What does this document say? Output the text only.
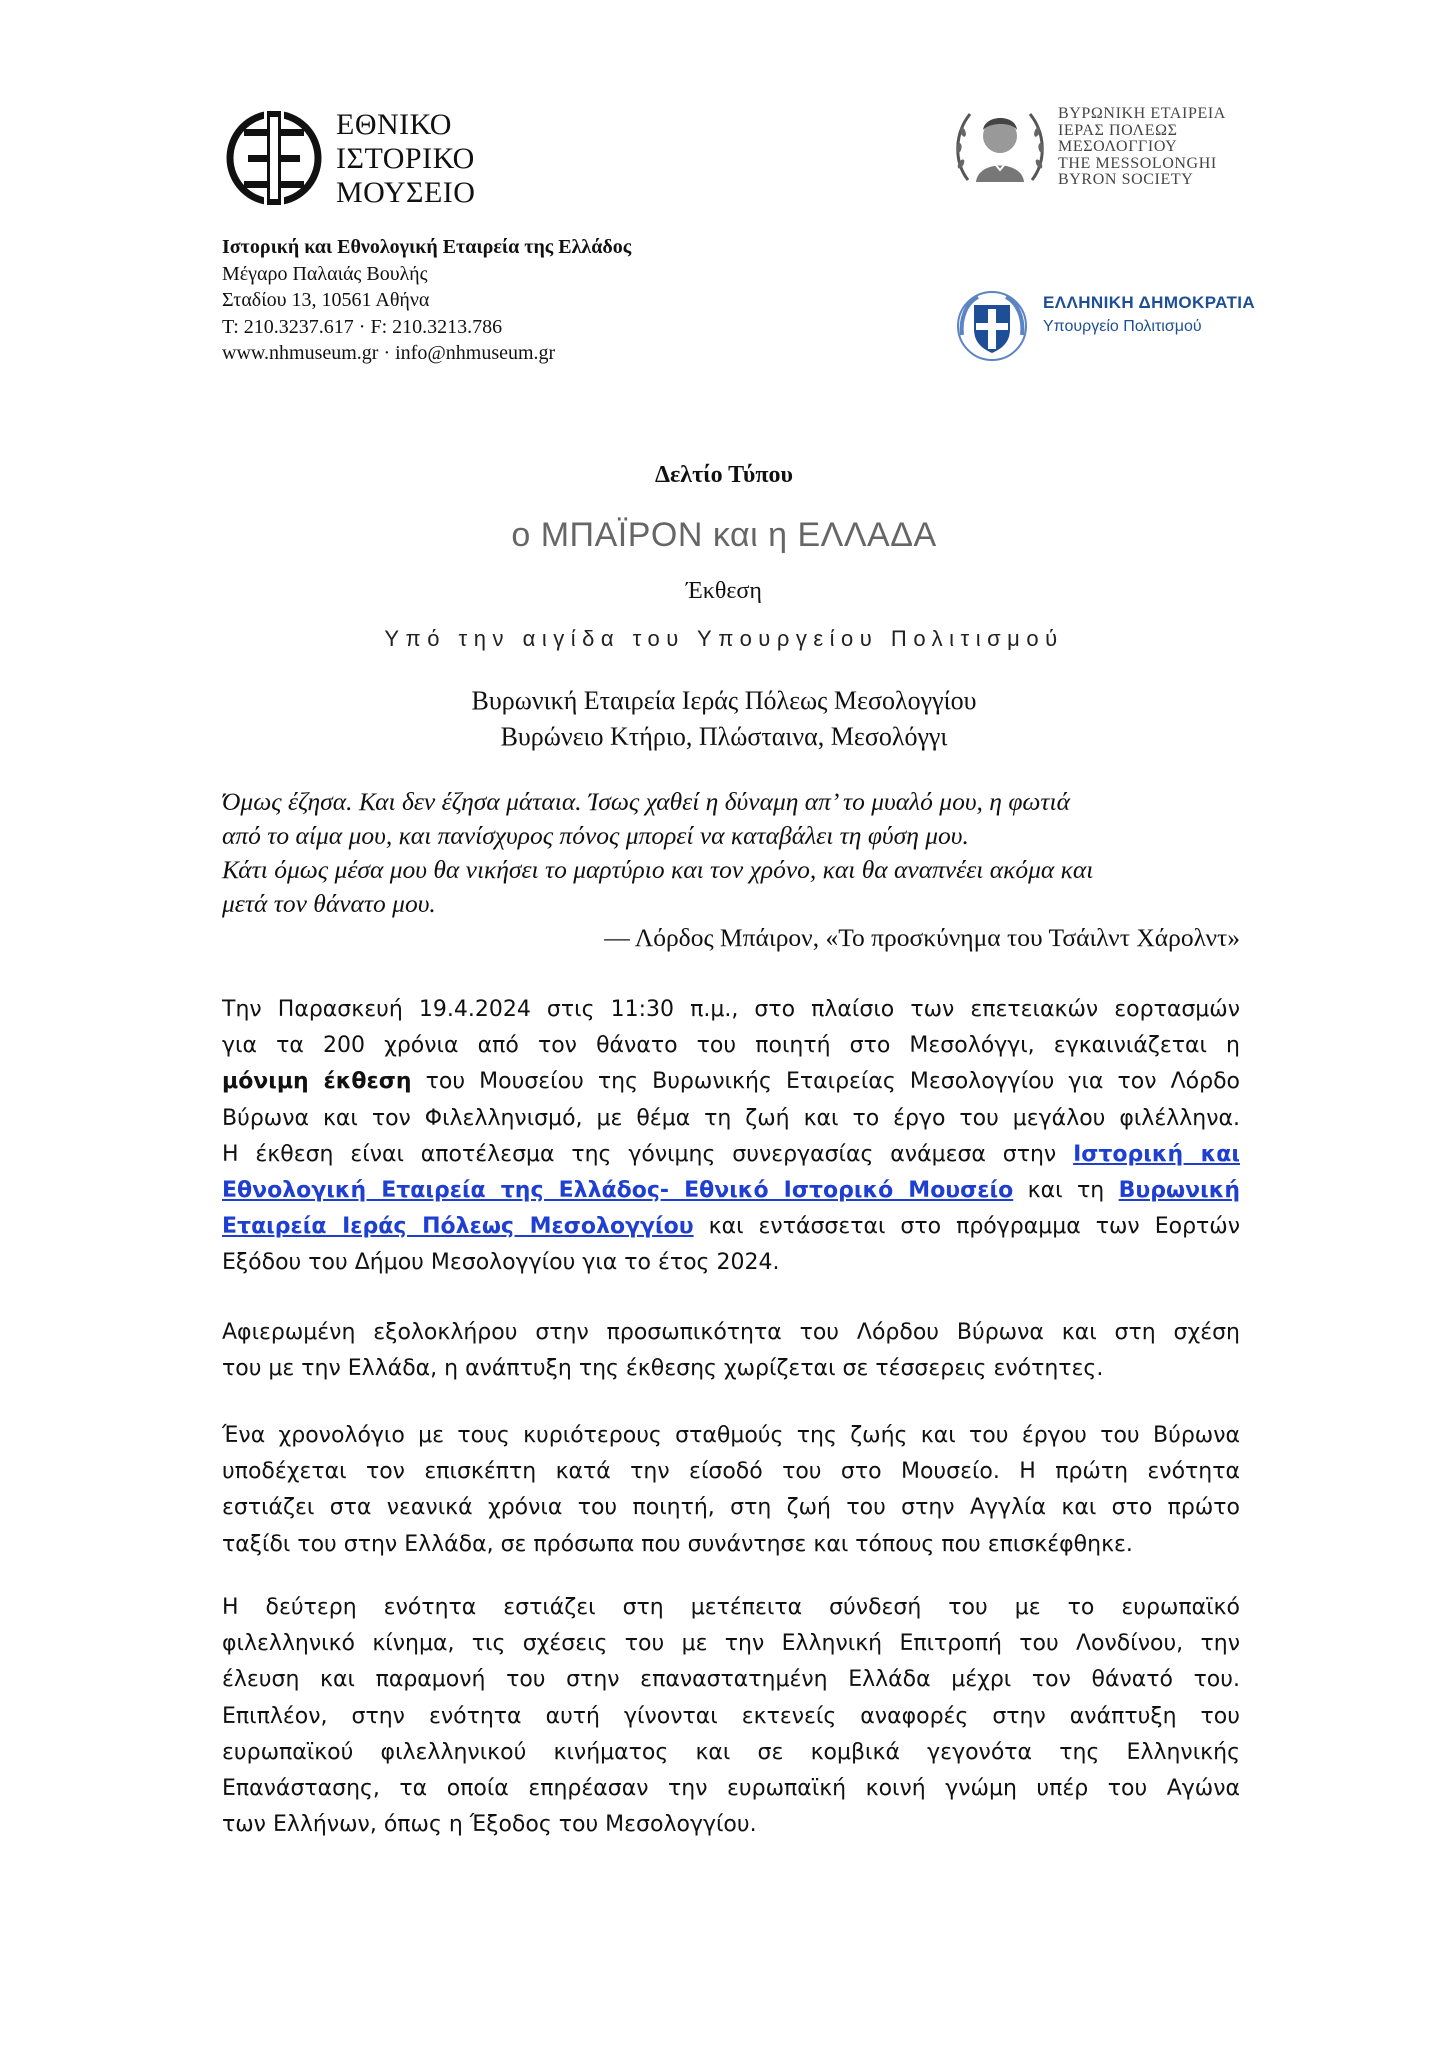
ΕΘΝΙΚΟ
ΙΣΤΟΡΙΚΟ
ΜΟΥΣΕΙΟ
Ιστορική και Εθνολογική Εταιρεία της Ελλάδος
Μέγαρο Παλαιάς Βουλής
Σταδίου 13, 10561 Αθήνα
Τ: 210.3237.617 · F: 210.3213.786
www.nhmuseum.gr · info@nhmuseum.gr
ΒΥΡΩΝΙΚΗ ΕΤΑΙΡΕΙΑ
ΙΕΡΑΣ ΠΟΛΕΩΣ
ΜΕΣΟΛΟΓΓΙΟΥ
THE MESSOLONGHI
BYRON SOCIETY
ΕΛΛΗΝΙΚΗ ΔΗΜΟΚΡΑΤΙΑ
Υπουργείο Πολιτισμού
Δελτίο Τύπου
ο ΜΠΑΪΡΟΝ και η ΕΛΛΑΔΑ
Έκθεση
Υπό την αιγίδα του Υπουργείου Πολιτισμού
Βυρωνική Εταιρεία Ιεράς Πόλεως Μεσολογγίου
Βυρώνειο Κτήριο, Πλώσταινα, Μεσολόγγι
Όμως έζησα. Και δεν έζησα μάταια. Ίσως χαθεί η δύναμη απ’ το μυαλό μου, η φωτιά
από το αίμα μου, και πανίσχυρος πόνος μπορεί να καταβάλει τη φύση μου.
Κάτι όμως μέσα μου θα νικήσει το μαρτύριο και τον χρόνο, και θα αναπνέει ακόμα και
μετά τον θάνατο μου.
― Λόρδος Μπάιρον, «Το προσκύνημα του Τσάιλντ Χάρολντ»
Την Παρασκευή 19.4.2024 στις 11:30 π.μ., στο πλαίσιο των επετειακών εορτασμών
για τα 200 χρόνια από τον θάνατο του ποιητή στο Μεσολόγγι, εγκαινιάζεται η
μόνιμη έκθεση του Μουσείου της Βυρωνικής Εταιρείας Μεσολογγίου για τον Λόρδο
Βύρωνα και τον Φιλελληνισμό, με θέμα τη ζωή και το έργο του μεγάλου φιλέλληνα.
Η έκθεση είναι αποτέλεσμα της γόνιμης συνεργασίας ανάμεσα στην Ιστορική και
Εθνολογική Εταιρεία της Ελλάδος- Εθνικό Ιστορικό Μουσείο και τη Βυρωνική
Εταιρεία Ιεράς Πόλεως Μεσολογγίου και εντάσσεται στο πρόγραμμα των Εορτών
Εξόδου του Δήμου Μεσολογγίου για το έτος 2024.
Αφιερωμένη εξολοκλήρου στην προσωπικότητα του Λόρδου Βύρωνα και στη σχέση
του με την Ελλάδα, η ανάπτυξη της έκθεσης χωρίζεται σε τέσσερεις ενότητες.
Ένα χρονολόγιο με τους κυριότερους σταθμούς της ζωής και του έργου του Βύρωνα
υποδέχεται τον επισκέπτη κατά την είσοδό του στο Μουσείο. Η πρώτη ενότητα
εστιάζει στα νεανικά χρόνια του ποιητή, στη ζωή του στην Αγγλία και στο πρώτο
ταξίδι του στην Ελλάδα, σε πρόσωπα που συνάντησε και τόπους που επισκέφθηκε.
Η δεύτερη ενότητα εστιάζει στη μετέπειτα σύνδεσή του με το ευρωπαϊκό
φιλελληνικό κίνημα, τις σχέσεις του με την Ελληνική Επιτροπή του Λονδίνου, την
έλευση και παραμονή του στην επαναστατημένη Ελλάδα μέχρι τον θάνατό του.
Επιπλέον, στην ενότητα αυτή γίνονται εκτενείς αναφορές στην ανάπτυξη του
ευρωπαϊκού φιλελληνικού κινήματος και σε κομβικά γεγονότα της Ελληνικής
Επανάστασης, τα οποία επηρέασαν την ευρωπαϊκή κοινή γνώμη υπέρ του Αγώνα
των Ελλήνων, όπως η Έξοδος του Μεσολογγίου.
